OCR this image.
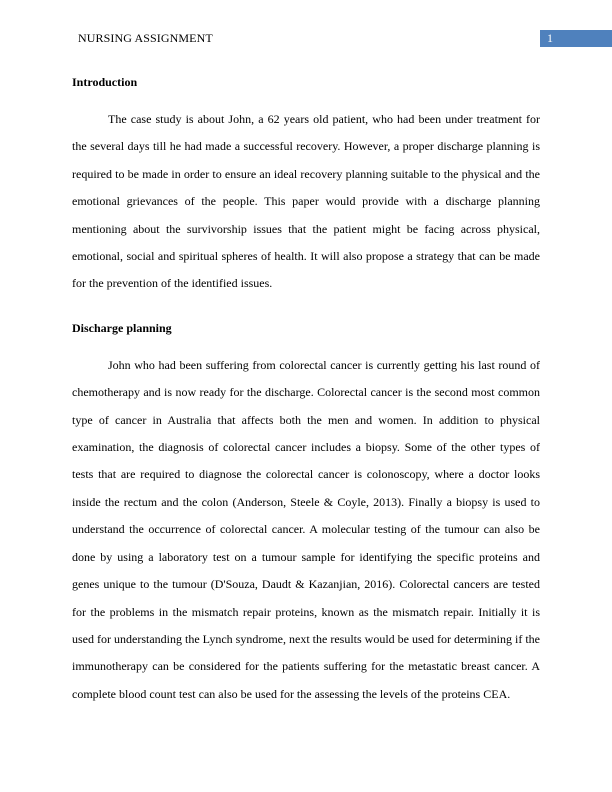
NURSING ASSIGNMENT	1

Introduction

The case study is about John, a 62 years old patient, who had been under treatment for the several days till he had made a successful recovery. However, a proper discharge planning is required to be made in order to ensure an ideal recovery planning suitable to the physical and the emotional grievances of the people. This paper would provide with a discharge planning mentioning about the survivorship issues that the patient might be facing across physical, emotional, social and spiritual spheres of health. It will also propose a strategy that can be made for the prevention of the identified issues.

Discharge planning

John who had been suffering from colorectal cancer is currently getting his last round of chemotherapy and is now ready for the discharge. Colorectal cancer is the second most common type of cancer in Australia that affects both the men and women. In addition to physical examination, the diagnosis of colorectal cancer includes a biopsy. Some of the other types of tests that are required to diagnose the colorectal cancer is colonoscopy, where a doctor looks inside the rectum and the colon (Anderson, Steele & Coyle, 2013). Finally a biopsy is used to understand the occurrence of colorectal cancer. A molecular testing of the tumour can also be done by using a laboratory test on a tumour sample for identifying the specific proteins and genes unique to the tumour (D'Souza, Daudt & Kazanjian, 2016). Colorectal cancers are tested for the problems in the mismatch repair proteins, known as the mismatch repair. Initially it is used for understanding the Lynch syndrome, next the results would be used for determining if the immunotherapy can be considered for the patients suffering for the metastatic breast cancer. A complete blood count test can also be used for the assessing the levels of the proteins CEA.
